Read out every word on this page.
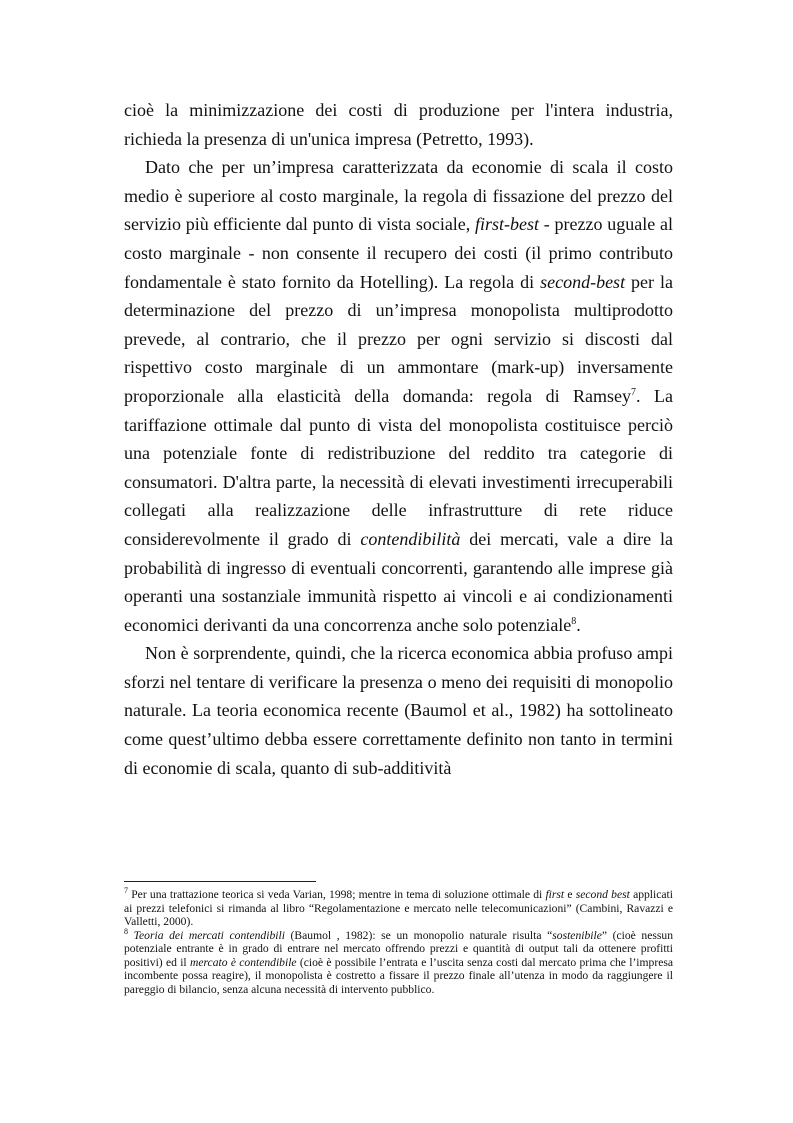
cioè la minimizzazione dei costi di produzione per l'intera industria, richieda la presenza di un'unica impresa (Petretto, 1993).

Dato che per un’impresa caratterizzata da economie di scala il costo medio è superiore al costo marginale, la regola di fissazione del prezzo del servizio più efficiente dal punto di vista sociale, first-best - prezzo uguale al costo marginale - non consente il recupero dei costi (il primo contributo fondamentale è stato fornito da Hotelling). La regola di second-best per la determinazione del prezzo di un’impresa monopolista multiprodotto prevede, al contrario, che il prezzo per ogni servizio si discosti dal rispettivo costo marginale di un ammontare (mark-up) inversamente proporzionale alla elasticità della domanda: regola di Ramsey$^7$. La tariffazione ottimale dal punto di vista del monopolista costituisce perciò una potenziale fonte di redistribuzione del reddito tra categorie di consumatori. D'altra parte, la necessità di elevati investimenti irrecuperabili collegati alla realizzazione delle infrastrutture di rete riduce considerevolmente il grado di contendibilità dei mercati, vale a dire la probabilità di ingresso di eventuali concorrenti, garantendo alle imprese già operanti una sostanziale immunità rispetto ai vincoli e ai condizionamenti economici derivanti da una concorrenza anche solo potenziale$^8$.

Non è sorprendente, quindi, che la ricerca economica abbia profuso ampi sforzi nel tentare di verificare la presenza o meno dei requisiti di monopolio naturale. La teoria economica recente (Baumol et al., 1982) ha sottolineato come quest’ultimo debba essere correttamente definito non tanto in termini di economie di scala, quanto di sub-additività

$^7$ Per una trattazione teorica si veda Varian, 1998; mentre in tema di soluzione ottimale di first e second best applicati ai prezzi telefonici si rimanda al libro “Regolamentazione e mercato nelle telecomunicazioni” (Cambini, Ravazzi e Valletti, 2000).

$^8$ Teoria dei mercati contendibili (Baumol , 1982): se un monopolio naturale risulta “sostenibile” (cioè nessun potenziale entrante è in grado di entrare nel mercato offrendo prezzi e quantità di output tali da ottenere profitti positivi) ed il mercato è contendibile (cioè è possibile l’entrata e l’uscita senza costi dal mercato prima che l’impresa incombente possa reagire), il monopolista è costretto a fissare il prezzo finale all’utenza in modo da raggiungere il pareggio di bilancio, senza alcuna necessità di intervento pubblico.
